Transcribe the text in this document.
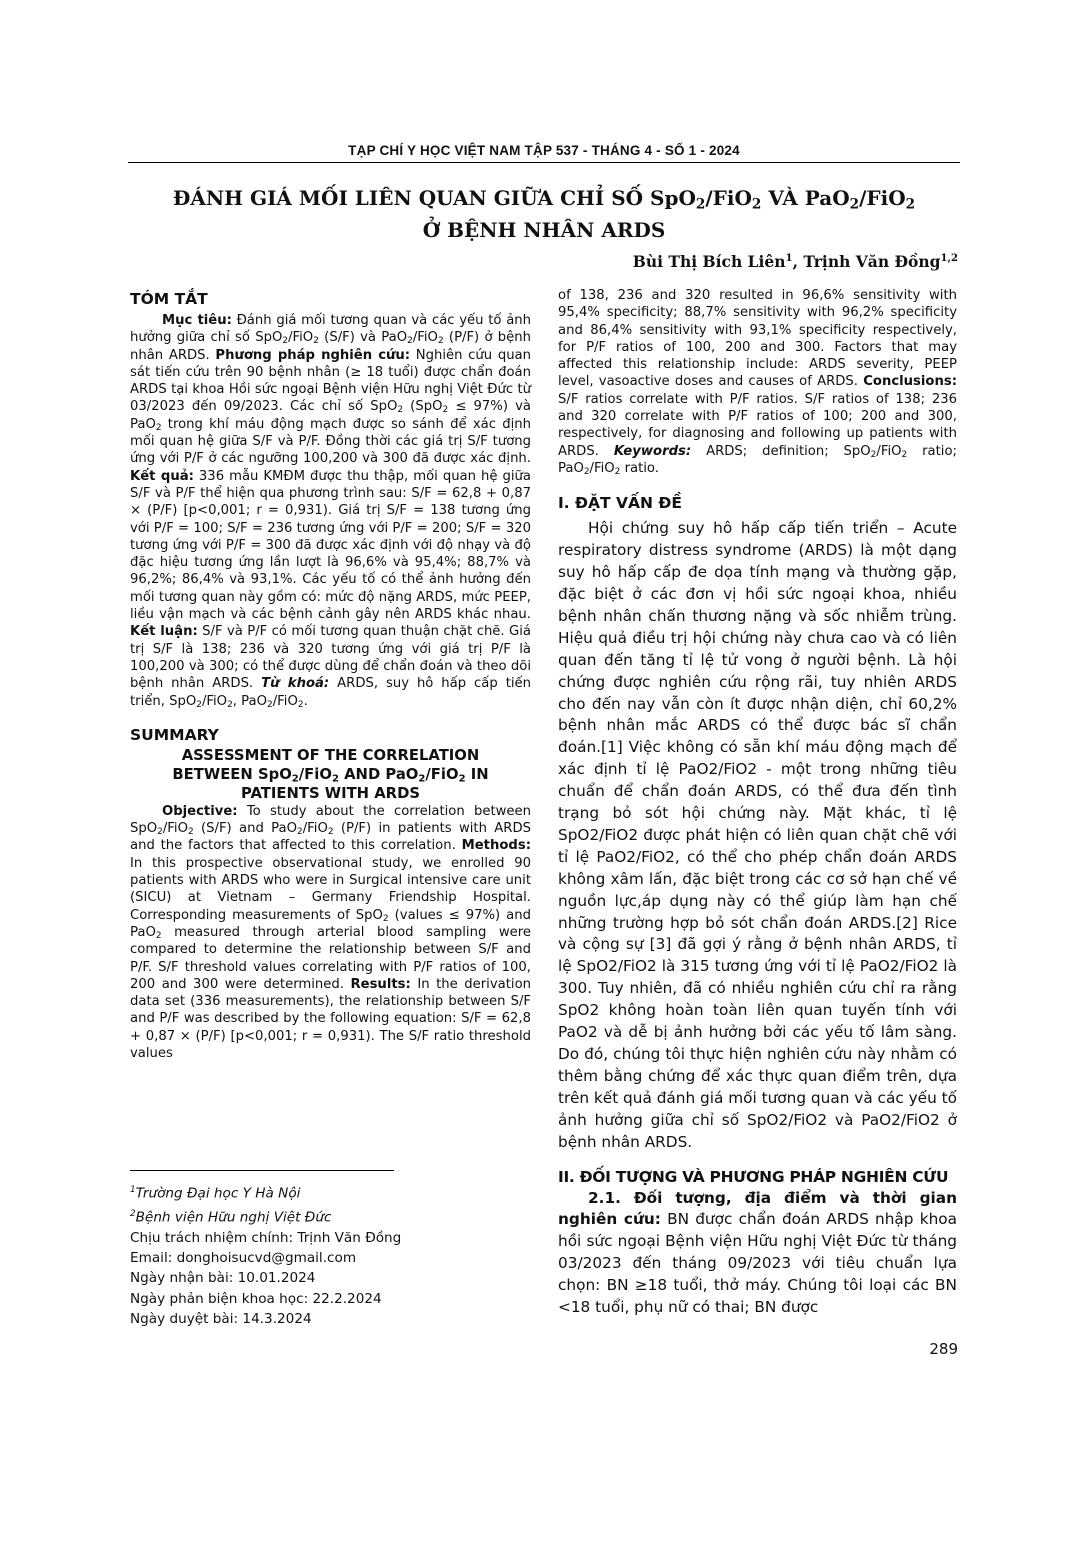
TẠP CHÍ Y HỌC VIỆT NAM TẬP 537 - THÁNG 4 - SỐ 1 - 2024
ĐÁNH GIÁ MỐI LIÊN QUAN GIỮA CHỈ SỐ SpO$_2$/FiO$_2$ VÀ PaO$_2$/FiO$_2$
Ở BỆNH NHÂN ARDS
Bùi Thị Bích Liên$^1$, Trịnh Văn Đồng$^{1,2}$
TÓM TẮT

Mục tiêu: Đánh giá mối tương quan và các yếu tố ảnh hưởng giữa chỉ số SpO$_2$/FiO$_2$ (S/F) và PaO$_2$/FiO$_2$ (P/F) ở bệnh nhân ARDS. Phương pháp nghiên cứu: Nghiên cứu quan sát tiến cứu trên 90 bệnh nhân (≥ 18 tuổi) được chẩn đoán ARDS tại khoa Hồi sức ngoại Bệnh viện Hữu nghị Việt Đức từ 03/2023 đến 09/2023. Các chỉ số SpO$_2$ (SpO$_2$ ≤ 97%) và PaO$_2$ trong khí máu động mạch được so sánh để xác định mối quan hệ giữa S/F và P/F. Đồng thời các giá trị S/F tương ứng với P/F ở các ngưỡng 100,200 và 300 đã được xác định. Kết quả: 336 mẫu KMĐM được thu thập, mối quan hệ giữa S/F và P/F thể hiện qua phương trình sau: S/F = 62,8 + 0,87 × (P/F) [p<0,001; r = 0,931). Giá trị S/F = 138 tương ứng với P/F = 100; S/F = 236 tương ứng với P/F = 200; S/F = 320 tương ứng với P/F = 300 đã được xác định với độ nhạy và độ đặc hiệu tương ứng lần lượt là 96,6% và 95,4%; 88,7% và 96,2%; 86,4% và 93,1%. Các yếu tố có thể ảnh hưởng đến mối tương quan này gồm có: mức độ nặng ARDS, mức PEEP, liều vận mạch và các bệnh cảnh gây nên ARDS khác nhau. Kết luận: S/F và P/F có mối tương quan thuận chặt chẽ. Giá trị S/F là 138; 236 và 320 tương ứng với giá trị P/F là 100,200 và 300; có thể được dùng để chẩn đoán và theo dõi bệnh nhân ARDS. Từ khoá: ARDS, suy hô hấp cấp tiến triển, SpO$_2$/FiO$_2$, PaO$_2$/FiO$_2$.

SUMMARY

ASSESSMENT OF THE CORRELATION
BETWEEN SpO$_2$/FiO$_2$ AND PaO$_2$/FiO$_2$ IN
PATIENTS WITH ARDS

Objective: To study about the correlation between SpO$_2$/FiO$_2$ (S/F) and PaO$_2$/FiO$_2$ (P/F) in patients with ARDS and the factors that affected to this correlation. Methods: In this prospective observational study, we enrolled 90 patients with ARDS who were in Surgical intensive care unit (SICU) at Vietnam – Germany Friendship Hospital. Corresponding measurements of SpO$_2$ (values ≤ 97%) and PaO$_2$ measured through arterial blood sampling were compared to determine the relationship between S/F and P/F. S/F threshold values correlating with P/F ratios of 100, 200 and 300 were determined. Results: In the derivation data set (336 measurements), the relationship between S/F and P/F was described by the following equation: S/F = 62,8 + 0,87 × (P/F) [p<0,001; r = 0,931). The S/F ratio threshold values

$^1$Trường Đại học Y Hà Nội
$^2$Bệnh viện Hữu nghị Việt Đức
Chịu trách nhiệm chính: Trịnh Văn Đồng
Email: donghoisucvd@gmail.com
Ngày nhận bài: 10.01.2024
Ngày phản biện khoa học: 22.2.2024
Ngày duyệt bài: 14.3.2024

of 138, 236 and 320 resulted in 96,6% sensitivity with 95,4% specificity; 88,7% sensitivity with 96,2% specificity and 86,4% sensitivity with 93,1% specificity respectively, for P/F ratios of 100, 200 and 300. Factors that may affected this relationship include: ARDS severity, PEEP level, vasoactive doses and causes of ARDS. Conclusions: S/F ratios correlate with P/F ratios. S/F ratios of 138; 236 and 320 correlate with P/F ratios of 100; 200 and 300, respectively, for diagnosing and following up patients with ARDS. Keywords: ARDS; definition; SpO$_2$/FiO$_2$ ratio; PaO$_2$/FiO$_2$ ratio.

I. ĐẶT VẤN ĐỀ

Hội chứng suy hô hấp cấp tiến triển – Acute respiratory distress syndrome (ARDS) là một dạng suy hô hấp cấp đe dọa tính mạng và thường gặp, đặc biệt ở các đơn vị hồi sức ngoại khoa, nhiều bệnh nhân chấn thương nặng và sốc nhiễm trùng. Hiệu quả điều trị hội chứng này chưa cao và có liên quan đến tăng tỉ lệ tử vong ở người bệnh. Là hội chứng được nghiên cứu rộng rãi, tuy nhiên ARDS cho đến nay vẫn còn ít được nhận diện, chỉ 60,2% bệnh nhân mắc ARDS có thể được bác sĩ chẩn đoán.[1] Việc không có sẵn khí máu động mạch để xác định tỉ lệ PaO2/FiO2 - một trong những tiêu chuẩn để chẩn đoán ARDS, có thể đưa đến tình trạng bỏ sót hội chứng này. Mặt khác, tỉ lệ SpO2/FiO2 được phát hiện có liên quan chặt chẽ với tỉ lệ PaO2/FiO2, có thể cho phép chẩn đoán ARDS không xâm lấn, đặc biệt trong các cơ sở hạn chế về nguồn lực,áp dụng này có thể giúp làm hạn chế những trường hợp bỏ sót chẩn đoán ARDS.[2] Rice và cộng sự [3] đã gợi ý rằng ở bệnh nhân ARDS, tỉ lệ SpO2/FiO2 là 315 tương ứng với tỉ lệ PaO2/FiO2 là 300. Tuy nhiên, đã có nhiều nghiên cứu chỉ ra rằng SpO2 không hoàn toàn liên quan tuyến tính với PaO2 và dễ bị ảnh hưởng bởi các yếu tố lâm sàng. Do đó, chúng tôi thực hiện nghiên cứu này nhằm có thêm bằng chứng để xác thực quan điểm trên, dựa trên kết quả đánh giá mối tương quan và các yếu tố ảnh hưởng giữa chỉ số SpO2/FiO2 và PaO2/FiO2 ở bệnh nhân ARDS.

II. ĐỐI TƯỢNG VÀ PHƯƠNG PHÁP NGHIÊN CỨU

2.1. Đối tượng, địa điểm và thời gian nghiên cứu: BN được chẩn đoán ARDS nhập khoa hồi sức ngoại Bệnh viện Hữu nghị Việt Đức từ tháng 03/2023 đến tháng 09/2023 với tiêu chuẩn lựa chọn: BN ≥18 tuổi, thở máy. Chúng tôi loại các BN <18 tuổi, phụ nữ có thai; BN được

289
